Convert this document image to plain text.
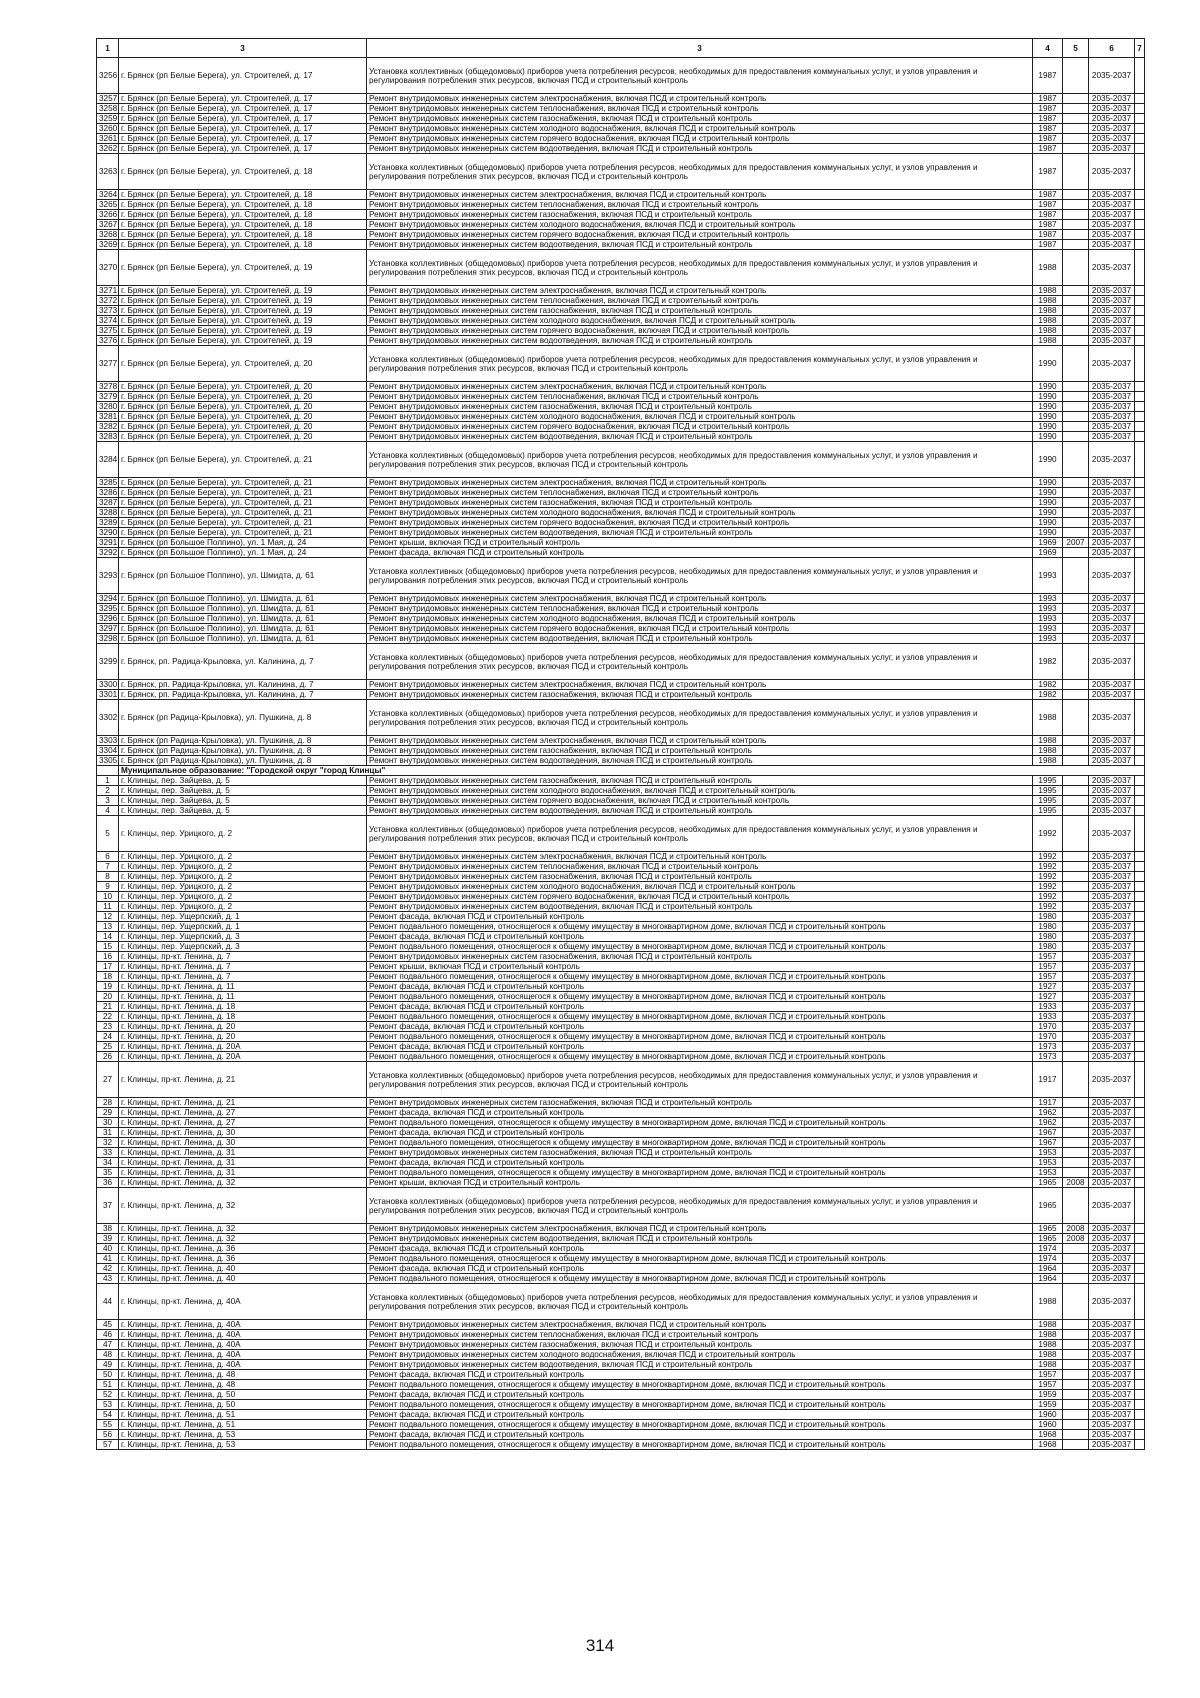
1	3	3	4	5	6	7
3256	г. Брянск (рп Белые Берега), ул. Строителей, д. 17	Установка коллективных (общедомовых) приборов учета потребления ресурсов, необходимых для предоставления коммунальных услуг, и узлов управления и регулирования потребления этих ресурсов, включая ПСД и строительный контроль	1987		2035-2037	
3257	г. Брянск (рп Белые Берега), ул. Строителей, д. 17	Ремонт внутридомовых инженерных систем электроснабжения, включая ПСД и строительный контроль	1987		2035-2037	
3258	г. Брянск (рп Белые Берега), ул. Строителей, д. 17	Ремонт внутридомовых инженерных систем теплоснабжения, включая ПСД и строительный контроль	1987		2035-2037	
3259	г. Брянск (рп Белые Берега), ул. Строителей, д. 17	Ремонт внутридомовых инженерных систем газоснабжения, включая ПСД и строительный контроль	1987		2035-2037	
3260	г. Брянск (рп Белые Берега), ул. Строителей, д. 17	Ремонт внутридомовых инженерных систем холодного водоснабжения, включая ПСД и строительный контроль	1987		2035-2037	
3261	г. Брянск (рп Белые Берега), ул. Строителей, д. 17	Ремонт внутридомовых инженерных систем горячего водоснабжения, включая ПСД и строительный контроль	1987		2035-2037	
3262	г. Брянск (рп Белые Берега), ул. Строителей, д. 17	Ремонт внутридомовых инженерных систем водоотведения, включая ПСД и строительный контроль	1987		2035-2037	
3263	г. Брянск (рп Белые Берега), ул. Строителей, д. 18	Установка коллективных (общедомовых) приборов учета потребления ресурсов, необходимых для предоставления коммунальных услуг, и узлов управления и регулирования потребления этих ресурсов, включая ПСД и строительный контроль	1987		2035-2037	
3264	г. Брянск (рп Белые Берега), ул. Строителей, д. 18	Ремонт внутридомовых инженерных систем электроснабжения, включая ПСД и строительный контроль	1987		2035-2037	
3265	г. Брянск (рп Белые Берега), ул. Строителей, д. 18	Ремонт внутридомовых инженерных систем теплоснабжения, включая ПСД и строительный контроль	1987		2035-2037	
3266	г. Брянск (рп Белые Берега), ул. Строителей, д. 18	Ремонт внутридомовых инженерных систем газоснабжения, включая ПСД и строительный контроль	1987		2035-2037	
3267	г. Брянск (рп Белые Берега), ул. Строителей, д. 18	Ремонт внутридомовых инженерных систем холодного водоснабжения, включая ПСД и строительный контроль	1987		2035-2037	
3268	г. Брянск (рп Белые Берега), ул. Строителей, д. 18	Ремонт внутридомовых инженерных систем горячего водоснабжения, включая ПСД и строительный контроль	1987		2035-2037	
3269	г. Брянск (рп Белые Берега), ул. Строителей, д. 18	Ремонт внутридомовых инженерных систем водоотведения, включая ПСД и строительный контроль	1987		2035-2037	
3270	г. Брянск (рп Белые Берега), ул. Строителей, д. 19	Установка коллективных (общедомовых) приборов учета потребления ресурсов, необходимых для предоставления коммунальных услуг, и узлов управления и регулирования потребления этих ресурсов, включая ПСД и строительный контроль	1988		2035-2037	
3271	г. Брянск (рп Белые Берега), ул. Строителей, д. 19	Ремонт внутридомовых инженерных систем электроснабжения, включая ПСД и строительный контроль	1988		2035-2037	
3272	г. Брянск (рп Белые Берега), ул. Строителей, д. 19	Ремонт внутридомовых инженерных систем теплоснабжения, включая ПСД и строительный контроль	1988		2035-2037	
3273	г. Брянск (рп Белые Берега), ул. Строителей, д. 19	Ремонт внутридомовых инженерных систем газоснабжения, включая ПСД и строительный контроль	1988		2035-2037	
3274	г. Брянск (рп Белые Берега), ул. Строителей, д. 19	Ремонт внутридомовых инженерных систем холодного водоснабжения, включая ПСД и строительный контроль	1988		2035-2037	
3275	г. Брянск (рп Белые Берега), ул. Строителей, д. 19	Ремонт внутридомовых инженерных систем горячего водоснабжения, включая ПСД и строительный контроль	1988		2035-2037	
3276	г. Брянск (рп Белые Берега), ул. Строителей, д. 19	Ремонт внутридомовых инженерных систем водоотведения, включая ПСД и строительный контроль	1988		2035-2037	
3277	г. Брянск (рп Белые Берега), ул. Строителей, д. 20	Установка коллективных (общедомовых) приборов учета потребления ресурсов, необходимых для предоставления коммунальных услуг, и узлов управления и регулирования потребления этих ресурсов, включая ПСД и строительный контроль	1990		2035-2037	
3278	г. Брянск (рп Белые Берега), ул. Строителей, д. 20	Ремонт внутридомовых инженерных систем электроснабжения, включая ПСД и строительный контроль	1990		2035-2037	
3279	г. Брянск (рп Белые Берега), ул. Строителей, д. 20	Ремонт внутридомовых инженерных систем теплоснабжения, включая ПСД и строительный контроль	1990		2035-2037	
3280	г. Брянск (рп Белые Берега), ул. Строителей, д. 20	Ремонт внутридомовых инженерных систем газоснабжения, включая ПСД и строительный контроль	1990		2035-2037	
3281	г. Брянск (рп Белые Берега), ул. Строителей, д. 20	Ремонт внутридомовых инженерных систем холодного водоснабжения, включая ПСД и строительный контроль	1990		2035-2037	
3282	г. Брянск (рп Белые Берега), ул. Строителей, д. 20	Ремонт внутридомовых инженерных систем горячего водоснабжения, включая ПСД и строительный контроль	1990		2035-2037	
3283	г. Брянск (рп Белые Берега), ул. Строителей, д. 20	Ремонт внутридомовых инженерных систем водоотведения, включая ПСД и строительный контроль	1990		2035-2037	
3284	г. Брянск (рп Белые Берега), ул. Строителей, д. 21	Установка коллективных (общедомовых) приборов учета потребления ресурсов, необходимых для предоставления коммунальных услуг, и узлов управления и регулирования потребления этих ресурсов, включая ПСД и строительный контроль	1990		2035-2037	
3285	г. Брянск (рп Белые Берега), ул. Строителей, д. 21	Ремонт внутридомовых инженерных систем электроснабжения, включая ПСД и строительный контроль	1990		2035-2037	
3286	г. Брянск (рп Белые Берега), ул. Строителей, д. 21	Ремонт внутридомовых инженерных систем теплоснабжения, включая ПСД и строительный контроль	1990		2035-2037	
3287	г. Брянск (рп Белые Берега), ул. Строителей, д. 21	Ремонт внутридомовых инженерных систем газоснабжения, включая ПСД и строительный контроль	1990		2035-2037	
3288	г. Брянск (рп Белые Берега), ул. Строителей, д. 21	Ремонт внутридомовых инженерных систем холодного водоснабжения, включая ПСД и строительный контроль	1990		2035-2037	
3289	г. Брянск (рп Белые Берега), ул. Строителей, д. 21	Ремонт внутридомовых инженерных систем горячего водоснабжения, включая ПСД и строительный контроль	1990		2035-2037	
3290	г. Брянск (рп Белые Берега), ул. Строителей, д. 21	Ремонт внутридомовых инженерных систем водоотведения, включая ПСД и строительный контроль	1990		2035-2037	
3291	г. Брянск (рп Большое Полпино), ул. 1 Мая, д. 24	Ремонт крыши, включая ПСД и строительный контроль	1969	2007	2035-2037	
3292	г. Брянск (рп Большое Полпино), ул. 1 Мая, д. 24	Ремонт фасада, включая ПСД и строительный контроль	1969		2035-2037	
3293	г. Брянск (рп Большое Полпино), ул. Шмидта, д. 61	Установка коллективных (общедомовых) приборов учета потребления ресурсов, необходимых для предоставления коммунальных услуг, и узлов управления и регулирования потребления этих ресурсов, включая ПСД и строительный контроль	1993		2035-2037	
3294	г. Брянск (рп Большое Полпино), ул. Шмидта, д. 61	Ремонт внутридомовых инженерных систем электроснабжения, включая ПСД и строительный контроль	1993		2035-2037	
3295	г. Брянск (рп Большое Полпино), ул. Шмидта, д. 61	Ремонт внутридомовых инженерных систем теплоснабжения, включая ПСД и строительный контроль	1993		2035-2037	
3296	г. Брянск (рп Большое Полпино), ул. Шмидта, д. 61	Ремонт внутридомовых инженерных систем холодного водоснабжения, включая ПСД и строительный контроль	1993		2035-2037	
3297	г. Брянск (рп Большое Полпино), ул. Шмидта, д. 61	Ремонт внутридомовых инженерных систем горячего водоснабжения, включая ПСД и строительный контроль	1993		2035-2037	
3298	г. Брянск (рп Большое Полпино), ул. Шмидта, д. 61	Ремонт внутридомовых инженерных систем водоотведения, включая ПСД и строительный контроль	1993		2035-2037	
3299	г. Брянск, рп. Радица-Крыловка, ул. Калинина, д. 7	Установка коллективных (общедомовых) приборов учета потребления ресурсов, необходимых для предоставления коммунальных услуг, и узлов управления и регулирования потребления этих ресурсов, включая ПСД и строительный контроль	1982		2035-2037	
3300	г. Брянск, рп. Радица-Крыловка, ул. Калинина, д. 7	Ремонт внутридомовых инженерных систем электроснабжения, включая ПСД и строительный контроль	1982		2035-2037	
3301	г. Брянск, рп. Радица-Крыловка, ул. Калинина, д. 7	Ремонт внутридомовых инженерных систем газоснабжения, включая ПСД и строительный контроль	1982		2035-2037	
3302	г. Брянск (рп Радица-Крыловка), ул. Пушкина, д. 8	Установка коллективных (общедомовых) приборов учета потребления ресурсов, необходимых для предоставления коммунальных услуг, и узлов управления и регулирования потребления этих ресурсов, включая ПСД и строительный контроль	1988		2035-2037	
3303	г. Брянск (рп Радица-Крыловка), ул. Пушкина, д. 8	Ремонт внутридомовых инженерных систем электроснабжения, включая ПСД и строительный контроль	1988		2035-2037	
3304	г. Брянск (рп Радица-Крыловка), ул. Пушкина, д. 8	Ремонт внутридомовых инженерных систем газоснабжения, включая ПСД и строительный контроль	1988		2035-2037	
3305	г. Брянск (рп Радица-Крыловка), ул. Пушкина, д. 8	Ремонт внутридомовых инженерных систем водоотведения, включая ПСД и строительный контроль	1988		2035-2037	
	Муниципальное образование: "Городской округ "город Клинцы"					
1	г. Клинцы, пер. Зайцева, д. 5	Ремонт внутридомовых инженерных систем газоснабжения, включая ПСД и строительный контроль	1995		2035-2037	
2	г. Клинцы, пер. Зайцева, д. 5	Ремонт внутридомовых инженерных систем холодного водоснабжения, включая ПСД и строительный контроль	1995		2035-2037	
3	г. Клинцы, пер. Зайцева, д. 5	Ремонт внутридомовых инженерных систем горячего водоснабжения, включая ПСД и строительный контроль	1995		2035-2037	
4	г. Клинцы, пер. Зайцева, д. 5	Ремонт внутридомовых инженерных систем водоотведения, включая ПСД и строительный контроль	1995		2035-2037	
5	г. Клинцы, пер. Урицкого, д. 2	Установка коллективных (общедомовых) приборов учета потребления ресурсов, необходимых для предоставления коммунальных услуг, и узлов управления и регулирования потребления этих ресурсов, включая ПСД и строительный контроль	1992		2035-2037	
6	г. Клинцы, пер. Урицкого, д. 2	Ремонт внутридомовых инженерных систем электроснабжения, включая ПСД и строительный контроль	1992		2035-2037	
7	г. Клинцы, пер. Урицкого, д. 2	Ремонт внутридомовых инженерных систем теплоснабжения, включая ПСД и строительный контроль	1992		2035-2037	
8	г. Клинцы, пер. Урицкого, д. 2	Ремонт внутридомовых инженерных систем газоснабжения, включая ПСД и строительный контроль	1992		2035-2037	
9	г. Клинцы, пер. Урицкого, д. 2	Ремонт внутридомовых инженерных систем холодного водоснабжения, включая ПСД и строительный контроль	1992		2035-2037	
10	г. Клинцы, пер. Урицкого, д. 2	Ремонт внутридомовых инженерных систем горячего водоснабжения, включая ПСД и строительный контроль	1992		2035-2037	
11	г. Клинцы, пер. Урицкого, д. 2	Ремонт внутридомовых инженерных систем водоотведения, включая ПСД и строительный контроль	1992		2035-2037	
12	г. Клинцы, пер. Ущерпский, д. 1	Ремонт фасада, включая ПСД и строительный контроль	1980		2035-2037	
13	г. Клинцы, пер. Ущерпский, д. 1	Ремонт подвального помещения, относящегося к общему имуществу в многоквартирном доме, включая ПСД и строительный контроль	1980		2035-2037	
14	г. Клинцы, пер. Ущерпский, д. 3	Ремонт фасада, включая ПСД и строительный контроль	1980		2035-2037	
15	г. Клинцы, пер. Ущерпский, д. 3	Ремонт подвального помещения, относящегося к общему имуществу в многоквартирном доме, включая ПСД и строительный контроль	1980		2035-2037	
16	г. Клинцы, пр-кт. Ленина, д. 7	Ремонт внутридомовых инженерных систем газоснабжения, включая ПСД и строительный контроль	1957		2035-2037	
17	г. Клинцы, пр-кт. Ленина, д. 7	Ремонт крыши, включая ПСД и строительный контроль	1957		2035-2037	
18	г. Клинцы, пр-кт. Ленина, д. 7	Ремонт подвального помещения, относящегося к общему имуществу в многоквартирном доме, включая ПСД и строительный контроль	1957		2035-2037	
19	г. Клинцы, пр-кт. Ленина, д. 11	Ремонт фасада, включая ПСД и строительный контроль	1927		2035-2037	
20	г. Клинцы, пр-кт. Ленина, д. 11	Ремонт подвального помещения, относящегося к общему имуществу в многоквартирном доме, включая ПСД и строительный контроль	1927		2035-2037	
21	г. Клинцы, пр-кт. Ленина, д. 18	Ремонт фасада, включая ПСД и строительный контроль	1933		2035-2037	
22	г. Клинцы, пр-кт. Ленина, д. 18	Ремонт подвального помещения, относящегося к общему имуществу в многоквартирном доме, включая ПСД и строительный контроль	1933		2035-2037	
23	г. Клинцы, пр-кт. Ленина, д. 20	Ремонт фасада, включая ПСД и строительный контроль	1970		2035-2037	
24	г. Клинцы, пр-кт. Ленина, д. 20	Ремонт подвального помещения, относящегося к общему имуществу в многоквартирном доме, включая ПСД и строительный контроль	1970		2035-2037	
25	г. Клинцы, пр-кт. Ленина, д. 20А	Ремонт фасада, включая ПСД и строительный контроль	1973		2035-2037	
26	г. Клинцы, пр-кт. Ленина, д. 20А	Ремонт подвального помещения, относящегося к общему имуществу в многоквартирном доме, включая ПСД и строительный контроль	1973		2035-2037	
27	г. Клинцы, пр-кт. Ленина, д. 21	Установка коллективных (общедомовых) приборов учета потребления ресурсов, необходимых для предоставления коммунальных услуг, и узлов управления и регулирования потребления этих ресурсов, включая ПСД и строительный контроль	1917		2035-2037	
28	г. Клинцы, пр-кт. Ленина, д. 21	Ремонт внутридомовых инженерных систем газоснабжения, включая ПСД и строительный контроль	1917		2035-2037	
29	г. Клинцы, пр-кт. Ленина, д. 27	Ремонт фасада, включая ПСД и строительный контроль	1962		2035-2037	
30	г. Клинцы, пр-кт. Ленина, д. 27	Ремонт подвального помещения, относящегося к общему имуществу в многоквартирном доме, включая ПСД и строительный контроль	1962		2035-2037	
31	г. Клинцы, пр-кт. Ленина, д. 30	Ремонт фасада, включая ПСД и строительный контроль	1967		2035-2037	
32	г. Клинцы, пр-кт. Ленина, д. 30	Ремонт подвального помещения, относящегося к общему имуществу в многоквартирном доме, включая ПСД и строительный контроль	1967		2035-2037	
33	г. Клинцы, пр-кт. Ленина, д. 31	Ремонт внутридомовых инженерных систем газоснабжения, включая ПСД и строительный контроль	1953		2035-2037	
34	г. Клинцы, пр-кт. Ленина, д. 31	Ремонт фасада, включая ПСД и строительный контроль	1953		2035-2037	
35	г. Клинцы, пр-кт. Ленина, д. 31	Ремонт подвального помещения, относящегося к общему имуществу в многоквартирном доме, включая ПСД и строительный контроль	1953		2035-2037	
36	г. Клинцы, пр-кт. Ленина, д. 32	Ремонт крыши, включая ПСД и строительный контроль	1965	2008	2035-2037	
37	г. Клинцы, пр-кт. Ленина, д. 32	Установка коллективных (общедомовых) приборов учета потребления ресурсов, необходимых для предоставления коммунальных услуг, и узлов управления и регулирования потребления этих ресурсов, включая ПСД и строительный контроль	1965		2035-2037	
38	г. Клинцы, пр-кт. Ленина, д. 32	Ремонт внутридомовых инженерных систем электроснабжения, включая ПСД и строительный контроль	1965	2008	2035-2037	
39	г. Клинцы, пр-кт. Ленина, д. 32	Ремонт внутридомовых инженерных систем водоотведения, включая ПСД и строительный контроль	1965	2008	2035-2037	
40	г. Клинцы, пр-кт. Ленина, д. 36	Ремонт фасада, включая ПСД и строительный контроль	1974		2035-2037	
41	г. Клинцы, пр-кт. Ленина, д. 36	Ремонт подвального помещения, относящегося к общему имуществу в многоквартирном доме, включая ПСД и строительный контроль	1974		2035-2037	
42	г. Клинцы, пр-кт. Ленина, д. 40	Ремонт фасада, включая ПСД и строительный контроль	1964		2035-2037	
43	г. Клинцы, пр-кт. Ленина, д. 40	Ремонт подвального помещения, относящегося к общему имуществу в многоквартирном доме, включая ПСД и строительный контроль	1964		2035-2037	
44	г. Клинцы, пр-кт. Ленина, д. 40А	Установка коллективных (общедомовых) приборов учета потребления ресурсов, необходимых для предоставления коммунальных услуг, и узлов управления и регулирования потребления этих ресурсов, включая ПСД и строительный контроль	1988		2035-2037	
45	г. Клинцы, пр-кт. Ленина, д. 40А	Ремонт внутридомовых инженерных систем электроснабжения, включая ПСД и строительный контроль	1988		2035-2037	
46	г. Клинцы, пр-кт. Ленина, д. 40А	Ремонт внутридомовых инженерных систем теплоснабжения, включая ПСД и строительный контроль	1988		2035-2037	
47	г. Клинцы, пр-кт. Ленина, д. 40А	Ремонт внутридомовых инженерных систем газоснабжения, включая ПСД и строительный контроль	1988		2035-2037	
48	г. Клинцы, пр-кт. Ленина, д. 40А	Ремонт внутридомовых инженерных систем холодного водоснабжения, включая ПСД и строительный контроль	1988		2035-2037	
49	г. Клинцы, пр-кт. Ленина, д. 40А	Ремонт внутридомовых инженерных систем водоотведения, включая ПСД и строительный контроль	1988		2035-2037	
50	г. Клинцы, пр-кт. Ленина, д. 48	Ремонт фасада, включая ПСД и строительный контроль	1957		2035-2037	
51	г. Клинцы, пр-кт. Ленина, д. 48	Ремонт подвального помещения, относящегося к общему имуществу в многоквартирном доме, включая ПСД и строительный контроль	1957		2035-2037	
52	г. Клинцы, пр-кт. Ленина, д. 50	Ремонт фасада, включая ПСД и строительный контроль	1959		2035-2037	
53	г. Клинцы, пр-кт. Ленина, д. 50	Ремонт подвального помещения, относящегося к общему имуществу в многоквартирном доме, включая ПСД и строительный контроль	1959		2035-2037	
54	г. Клинцы, пр-кт. Ленина, д. 51	Ремонт фасада, включая ПСД и строительный контроль	1960		2035-2037	
55	г. Клинцы, пр-кт. Ленина, д. 51	Ремонт подвального помещения, относящегося к общему имуществу в многоквартирном доме, включая ПСД и строительный контроль	1960		2035-2037	
56	г. Клинцы, пр-кт. Ленина, д. 53	Ремонт фасада, включая ПСД и строительный контроль	1968		2035-2037	
57	г. Клинцы, пр-кт. Ленина, д. 53	Ремонт подвального помещения, относящегося к общему имуществу в многоквартирном доме, включая ПСД и строительный контроль	1968		2035-2037	
314
